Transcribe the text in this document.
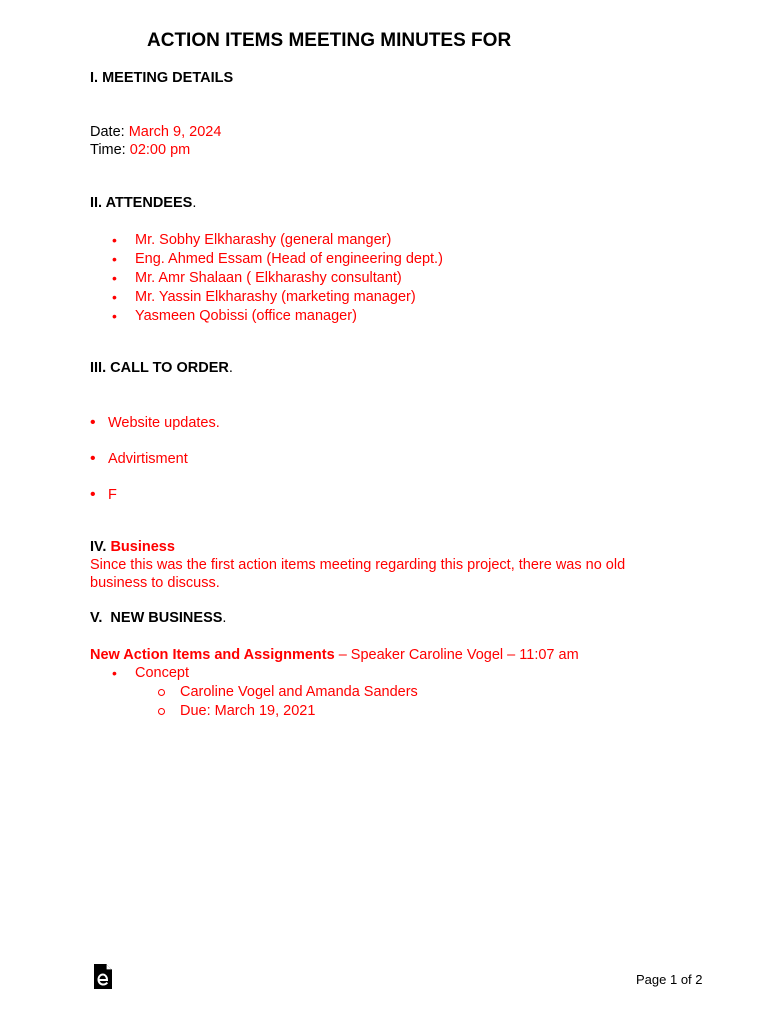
ACTION ITEMS MEETING MINUTES FOR
I. MEETING DETAILS
Date: March 9, 2024
Time: 02:00 pm
II. ATTENDEES.
• Mr. Sobhy Elkharashy (general manger)
• Eng. Ahmed Essam (Head of engineering dept.)
• Mr. Amr Shalaan ( Elkharashy consultant)
• Mr. Yassin Elkharashy (marketing manager)
• Yasmeen Qobissi (office manager)
III. CALL TO ORDER.
• Website updates.
• Advirtisment
• F
IV. Business
Since this was the first action items meeting regarding this project, there was no old
business to discuss.
V.  NEW BUSINESS.
New Action Items and Assignments – Speaker Caroline Vogel – 11:07 am
• Concept
Caroline Vogel and Amanda Sanders
Due: March 19, 2021
Page 1 of 2
